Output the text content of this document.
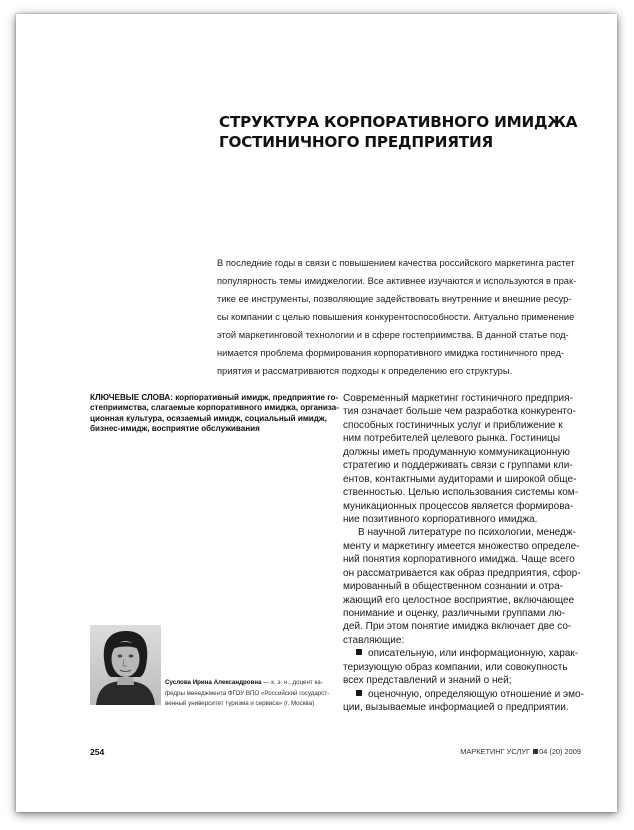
СТРУКТУРА КОРПОРАТИВНОГО ИМИДЖА
ГОСТИНИЧНОГО ПРЕДПРИЯТИЯ
В последние годы в связи с повышением качества российского маркетинга растет
популярность темы имиджелогии. Все активнее изучаются и используются в прак-
тике ее инструменты, позволяющие задействовать внутренние и внешние ресур-
сы компании с целью повышения конкурентоспособности. Актуально применение
этой маркетинговой технологии и в сфере гостеприимства. В данной статье под-
нимается проблема формирования корпоративного имиджа гостиничного пред-
приятия и рассматриваются подходы к определению его структуры.
КЛЮЧЕВЫЕ СЛОВА: корпоративный имидж, предприятие го-
степриимства, слагаемые корпоративного имиджа, организа-
ционная культура, осязаемый имидж, социальный имидж,
бизнес-имидж, восприятие обслуживания
Современный маркетинг гостиничного предприя-
тия означает больше чем разработка конкуренто-
способных гостиничных услуг и приближение к
ним потребителей целевого рынка. Гостиницы
должны иметь продуманную коммуникационную
стратегию и поддерживать связи с группами кли-
ентов, контактными аудиторами и широкой обще-
ственностью. Целью использования системы ком-
муникационных процессов является формирова-
ние позитивного корпоративного имиджа.
В научной литературе по психологии, менедж-
менту и маркетингу имеется множество определе-
ний понятия корпоративного имиджа. Чаще всего
он рассматривается как образ предприятия, сфор-
мированный в общественном сознании и отра-
жающий его целостное восприятие, включающее
понимание и оценку, различными группами лю-
дей. При этом понятие имиджа включает две со-
ставляющие:
описательную, или информационную, харак-
теризующую образ компании, или совокупность
всех представлений и знаний о ней;
оценочную, определяющую отношение и эмо-
ции, вызываемые информацией о предприятии.
Суслова Ирина Александровна — к. э. н., доцент ка-
федры менеджмента ФГОУ ВПО «Российский государст-
венный университет туризма и сервиса» (г. Москва)
254	МАРКЕТИНГ УСЛУГ 04 (20) 2009
